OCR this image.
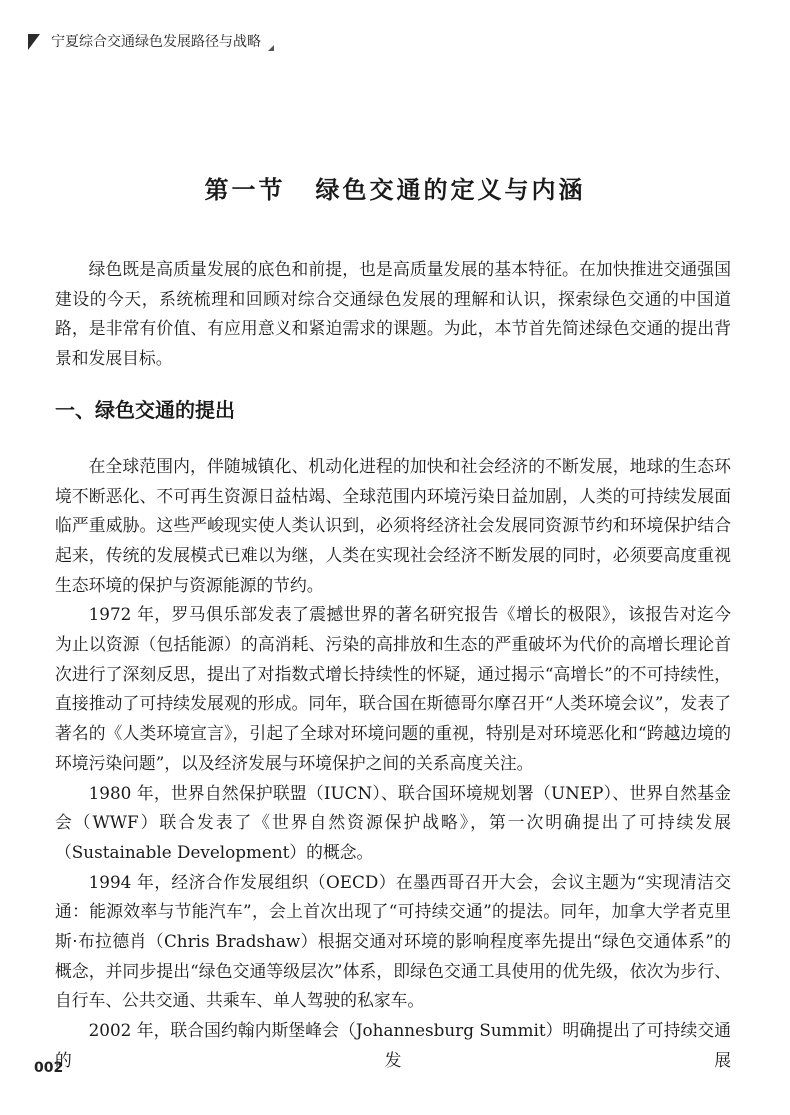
宁夏综合交通绿色发展路径与战略
第一节 绿色交通的定义与内涵

绿色既是高质量发展的底色和前提，也是高质量发展的基本特征。在加快推进交通强国建设的今天，系统梳理和回顾对综合交通绿色发展的理解和认识，探索绿色交通的中国道路，是非常有价值、有应用意义和紧迫需求的课题。为此，本节首先简述绿色交通的提出背景和发展目标。

一、绿色交通的提出

在全球范围内，伴随城镇化、机动化进程的加快和社会经济的不断发展，地球的生态环境不断恶化、不可再生资源日益枯竭、全球范围内环境污染日益加剧，人类的可持续发展面临严重威胁。这些严峻现实使人类认识到，必须将经济社会发展同资源节约和环境保护结合起来，传统的发展模式已难以为继，人类在实现社会经济不断发展的同时，必须要高度重视生态环境的保护与资源能源的节约。

1972 年，罗马俱乐部发表了震撼世界的著名研究报告《增长的极限》，该报告对迄今为止以资源（包括能源）的高消耗、污染的高排放和生态的严重破坏为代价的高增长理论首次进行了深刻反思，提出了对指数式增长持续性的怀疑，通过揭示“高增长”的不可持续性，直接推动了可持续发展观的形成。同年，联合国在斯德哥尔摩召开“人类环境会议”，发表了著名的《人类环境宣言》，引起了全球对环境问题的重视，特别是对环境恶化和“跨越边境的环境污染问题”，以及经济发展与环境保护之间的关系高度关注。

1980 年，世界自然保护联盟（IUCN）、联合国环境规划署（UNEP）、世界自然基金会（WWF）联合发表了《世界自然资源保护战略》，第一次明确提出了可持续发展（Sustainable Development）的概念。

1994 年，经济合作发展组织（OECD）在墨西哥召开大会，会议主题为“实现清洁交通：能源效率与节能汽车”，会上首次出现了“可持续交通”的提法。同年，加拿大学者克里斯·布拉德肖（Chris Bradshaw）根据交通对环境的影响程度率先提出“绿色交通体系”的概念，并同步提出“绿色交通等级层次”体系，即绿色交通工具使用的优先级，依次为步行、自行车、公共交通、共乘车、单人驾驶的私家车。

2002 年，联合国约翰内斯堡峰会（Johannesburg Summit）明确提出了可持续交通的发展

002
